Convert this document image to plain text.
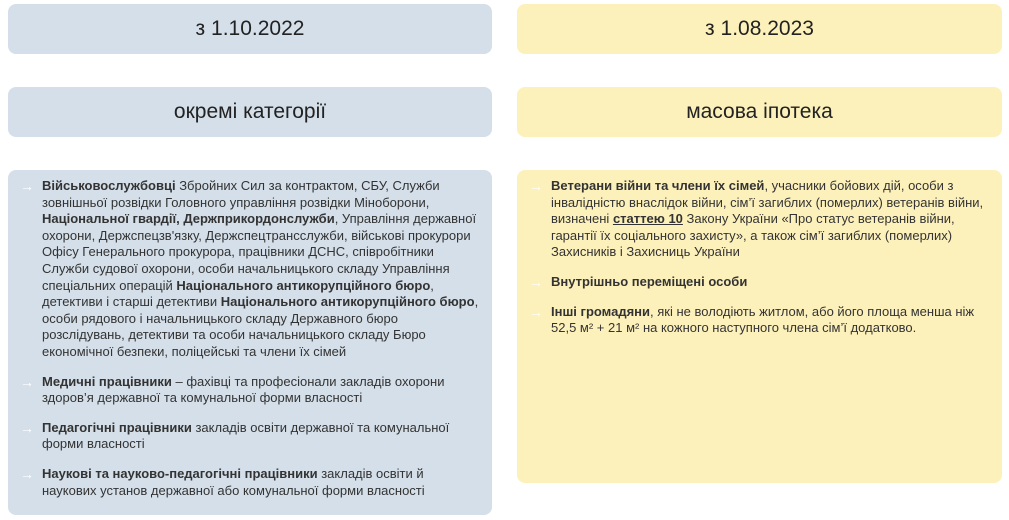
з 1.10.2022	з 1.08.2023
окремі категорії	масова іпотека
→ Військовослужбовці Збройних Сил за контрактом, СБУ, Служби зовнішньої розвідки Головного управління розвідки Міноборони, Національної гвардії, Держприкордонслужби, Управління державної охорони, Держспецзв'язку, Держспецтрансслужби, військові прокурори Офісу Генерального прокурора, працівники ДСНС, співробітники Служби судової охорони, особи начальницького складу Управління спеціальних операцій Національного антикорупційного бюро, детективи і старші детективи Національного антикорупційного бюро, особи рядового і начальницького складу Державного бюро розслідувань, детективи та особи начальницького складу Бюро економічної безпеки, поліцейські та члени їх сімей
→ Медичні працівники – фахівці та професіонали закладів охорони здоров’я державної та комунальної форми власності
→ Педагогічні працівники закладів освіти державної та комунальної форми власності
→ Наукові та науково-педагогічні працівники закладів освіти й наукових установ державної або комунальної форми власності
→ Ветерани війни та члени їх сімей, учасники бойових дій, особи з інвалідністю внаслідок війни, сім’ї загиблих (померлих) ветеранів війни, визначені статтею 10 Закону України «Про статус ветеранів війни, гарантії їх соціального захисту», а також сім’ї загиблих (померлих) Захисників і Захисниць України
→ Внутрішньо переміщені особи
→ Інші громадяни, які не володіють житлом, або його площа менша ніж 52,5 м² + 21 м² на кожного наступного члена сім’ї додатково.
